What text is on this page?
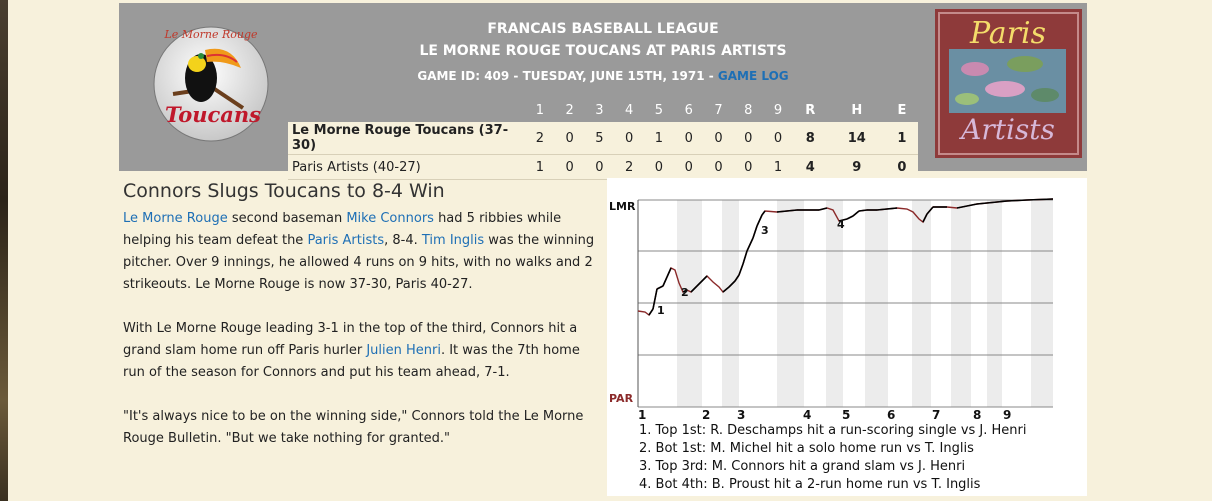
Le Morne Rouge
Toucans
Paris
Artists
FRANCAIS BASEBALL LEAGUE
LE MORNE ROUGE TOUCANS AT PARIS ARTISTS
GAME ID: 409 - TUESDAY, JUNE 15TH, 1971 - GAME LOG
	1	2	3	4	5	6	7	8	9	R	H	E
Le Morne Rouge Toucans (37-30)	2	0	5	0	1	0	0	0	0	8	14	1
Paris Artists (40-27)	1	0	0	2	0	0	0	0	1	4	9	0
Connors Slugs Toucans to 8-4 Win

Le Morne Rouge second baseman Mike Connors had 5 ribbies while helping his team defeat the Paris Artists, 8-4. Tim Inglis was the winning pitcher. Over 9 innings, he allowed 4 runs on 9 hits, with no walks and 2 strikeouts. Le Morne Rouge is now 37-30, Paris 40-27.

With Le Morne Rouge leading 3-1 in the top of the third, Connors hit a grand slam home run off Paris hurler Julien Henri. It was the 7th home run of the season for Connors and put his team ahead, 7-1.

"It's always nice to be on the winning side," Connors told the Le Morne Rouge Bulletin. "But we take nothing for granted."

LMR
PAR
1
2
3	4
1	2 3	4	5	6	7	8 9
1. Top 1st: R. Deschamps hit a run-scoring single vs J. Henri
2. Bot 1st: M. Michel hit a solo home run vs T. Inglis
3. Top 3rd: M. Connors hit a grand slam vs J. Henri
4. Bot 4th: B. Proust hit a 2-run home run vs T. Inglis
